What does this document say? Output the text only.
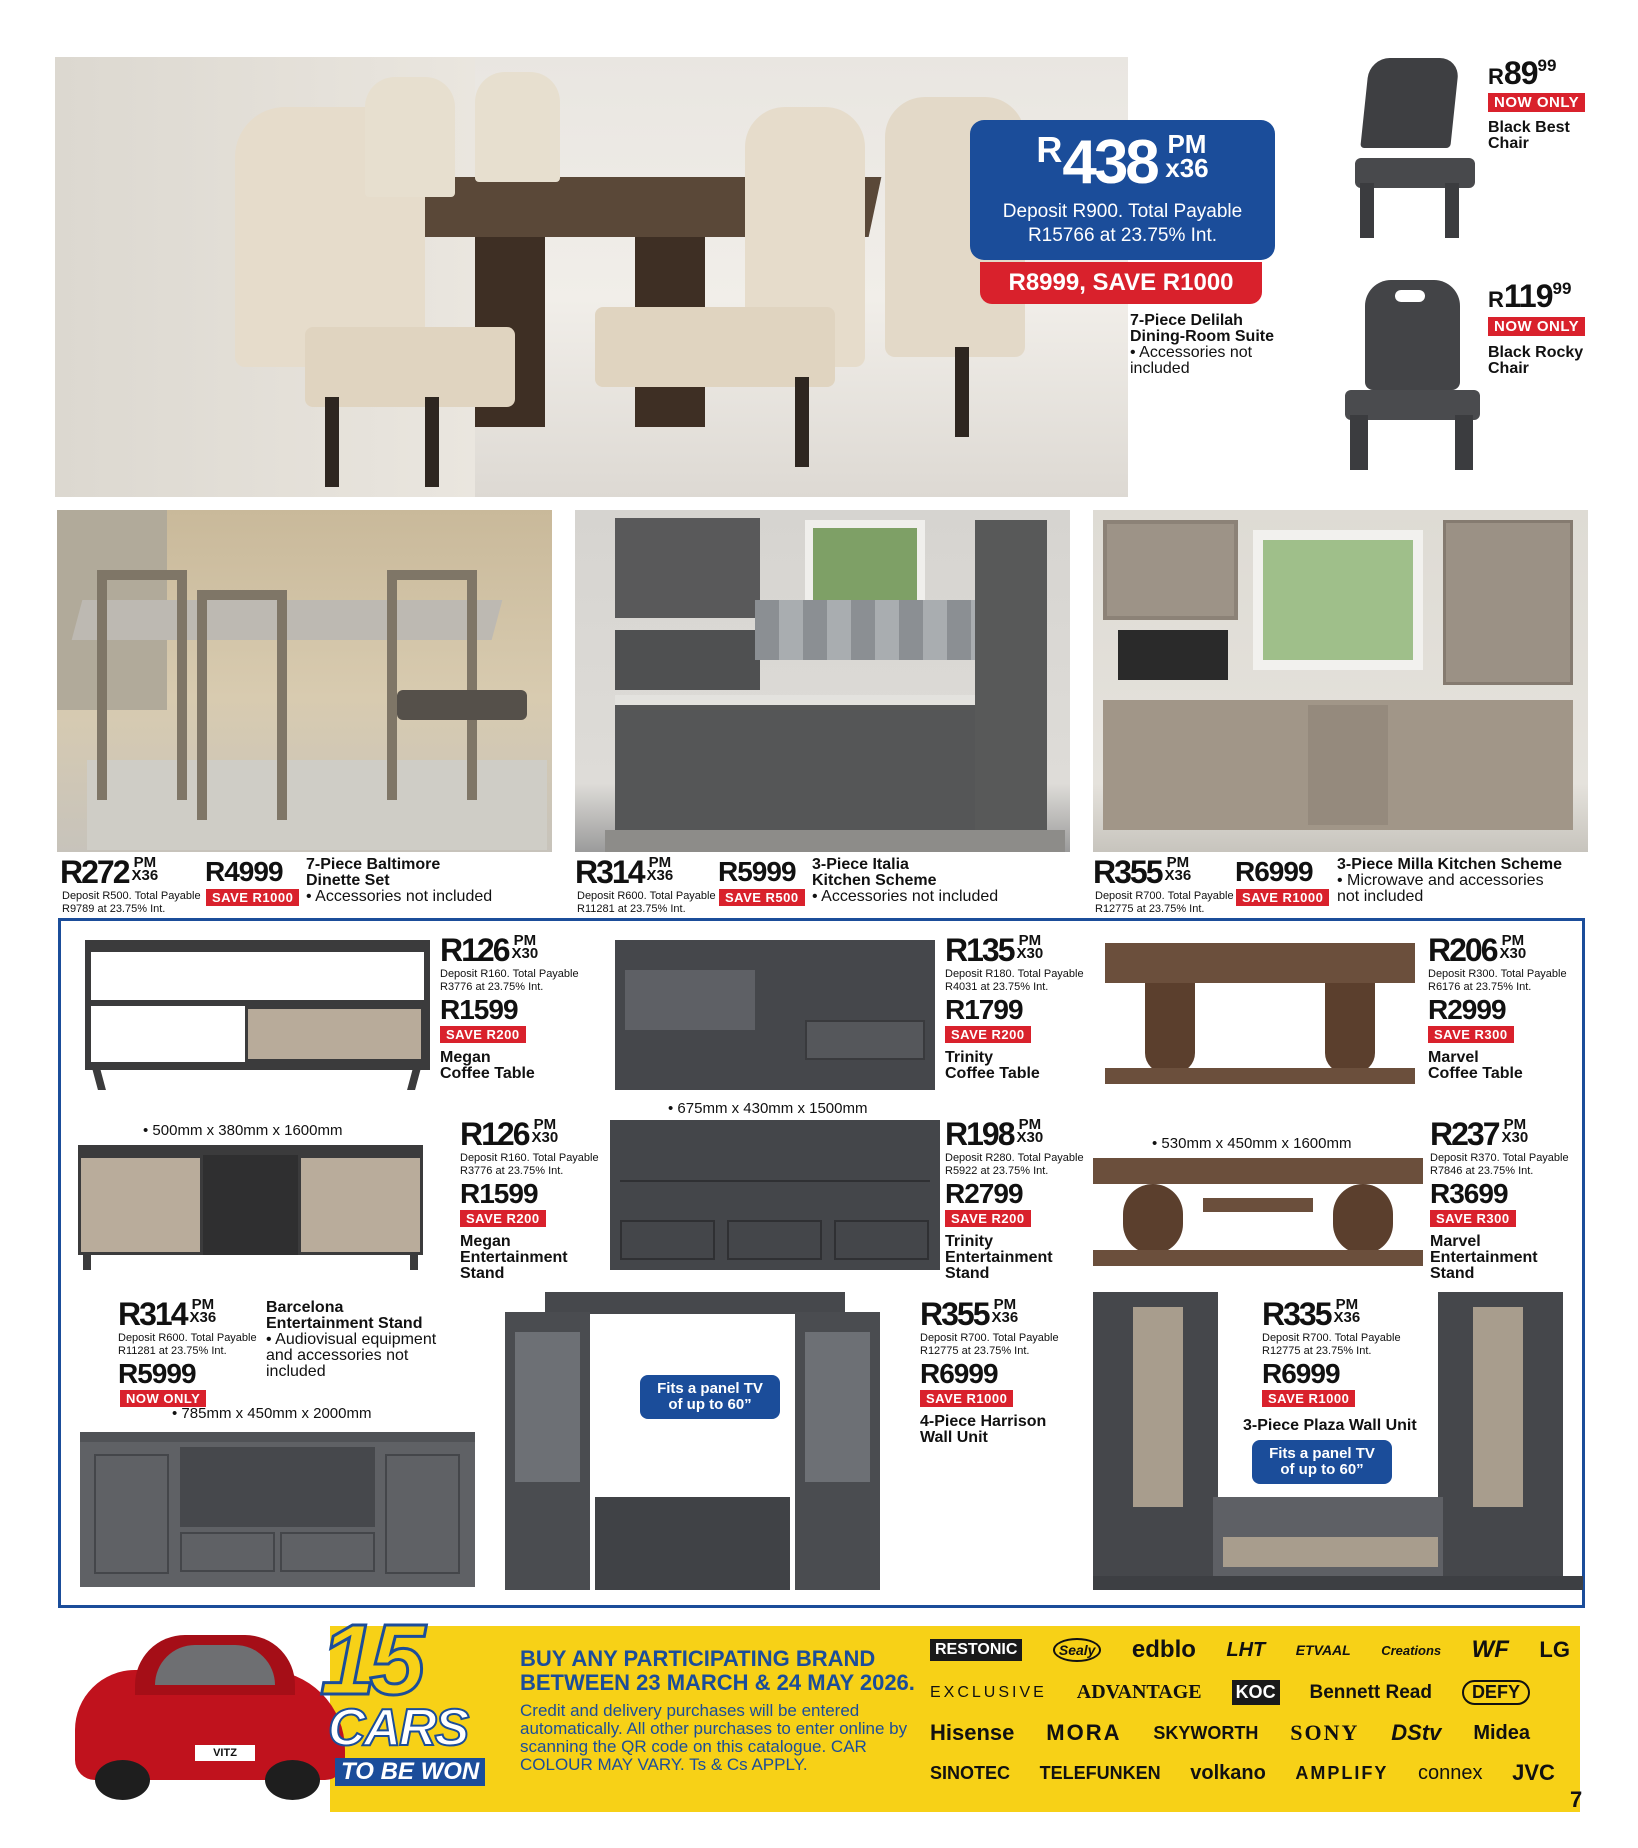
R438 PM
x36
Deposit R900. Total Payable R15766 at 23.75% Int.
R8999, SAVE R1000
7-Piece Delilah Dining-Room Suite
• Accessories not included
R8999
NOW ONLY
Black Best Chair
R11999
NOW ONLY
Black Rocky Chair
R272 PM
X36
Deposit R500. Total Payable R9789 at 23.75% Int.
R4999
SAVE R1000
7-Piece Baltimore Dinette Set
• Accessories not included
R314 PM
X36
Deposit R600. Total Payable R11281 at 23.75% Int.
R5999
SAVE R500
3-Piece Italia Kitchen Scheme
• Accessories not included
R355 PM
X36
Deposit R700. Total Payable R12775 at 23.75% Int.
R6999
SAVE R1000
3-Piece Milla Kitchen Scheme
• Microwave and accessories not included
R126 PM
X30
Deposit R160. Total Payable R3776 at 23.75% Int.
R1599
SAVE R200
Megan Coffee Table
R135 PM
X30
Deposit R180. Total Payable R4031 at 23.75% Int.
R1799
SAVE R200
Trinity Coffee Table
R206 PM
X30
Deposit R300. Total Payable R6176 at 23.75% Int.
R2999
SAVE R300
Marvel Coffee Table
• 500mm x 380mm x 1600mm
• 675mm x 430mm x 1500mm
• 530mm x 450mm x 1600mm
R126 PM
X30
Deposit R160. Total Payable R3776 at 23.75% Int.
R1599
SAVE R200
Megan Entertainment Stand
R198 PM
X30
Deposit R280. Total Payable R5922 at 23.75% Int.
R2799
SAVE R200
Trinity Entertainment Stand
R237 PM
X30
Deposit R370. Total Payable R7846 at 23.75% Int.
R3699
SAVE R300
Marvel Entertainment Stand
R314 PM
X36
Deposit R600. Total Payable R11281 at 23.75% Int.
R5999
NOW ONLY
Barcelona Entertainment Stand
• Audiovisual equipment and accessories not included
• 785mm x 450mm x 2000mm
Fits a panel TV of up to 60”
R355 PM
X36
Deposit R700. Total Payable R12775 at 23.75% Int.
R6999
SAVE R1000
4-Piece Harrison Wall Unit
Fits a panel TV of up to 60”
R335 PM
X36
Deposit R700. Total Payable R12775 at 23.75% Int.
R6999
SAVE R1000
3-Piece Plaza Wall Unit
VITZ
15
CARS
TO BE WON
BUY ANY PARTICIPATING BRAND
BETWEEN 23 MARCH & 24 MAY 2026.
Credit and delivery purchases will be entered automatically. All other purchases to enter online by scanning the QR code on this catalogue. CAR COLOUR MAY VARY. Ts & Cs APPLY.
RESTONIC	Sealy edblo LHT ETVAAL Creations WF LG
EXCLUSIVE ADVANTAGE KOC Bennett Read	DEFY
Hisense MORA SKYWORTH SONY DStv Midea
SINOTEC TELEFUNKEN volkano AMPLIFY connex JVC
7
